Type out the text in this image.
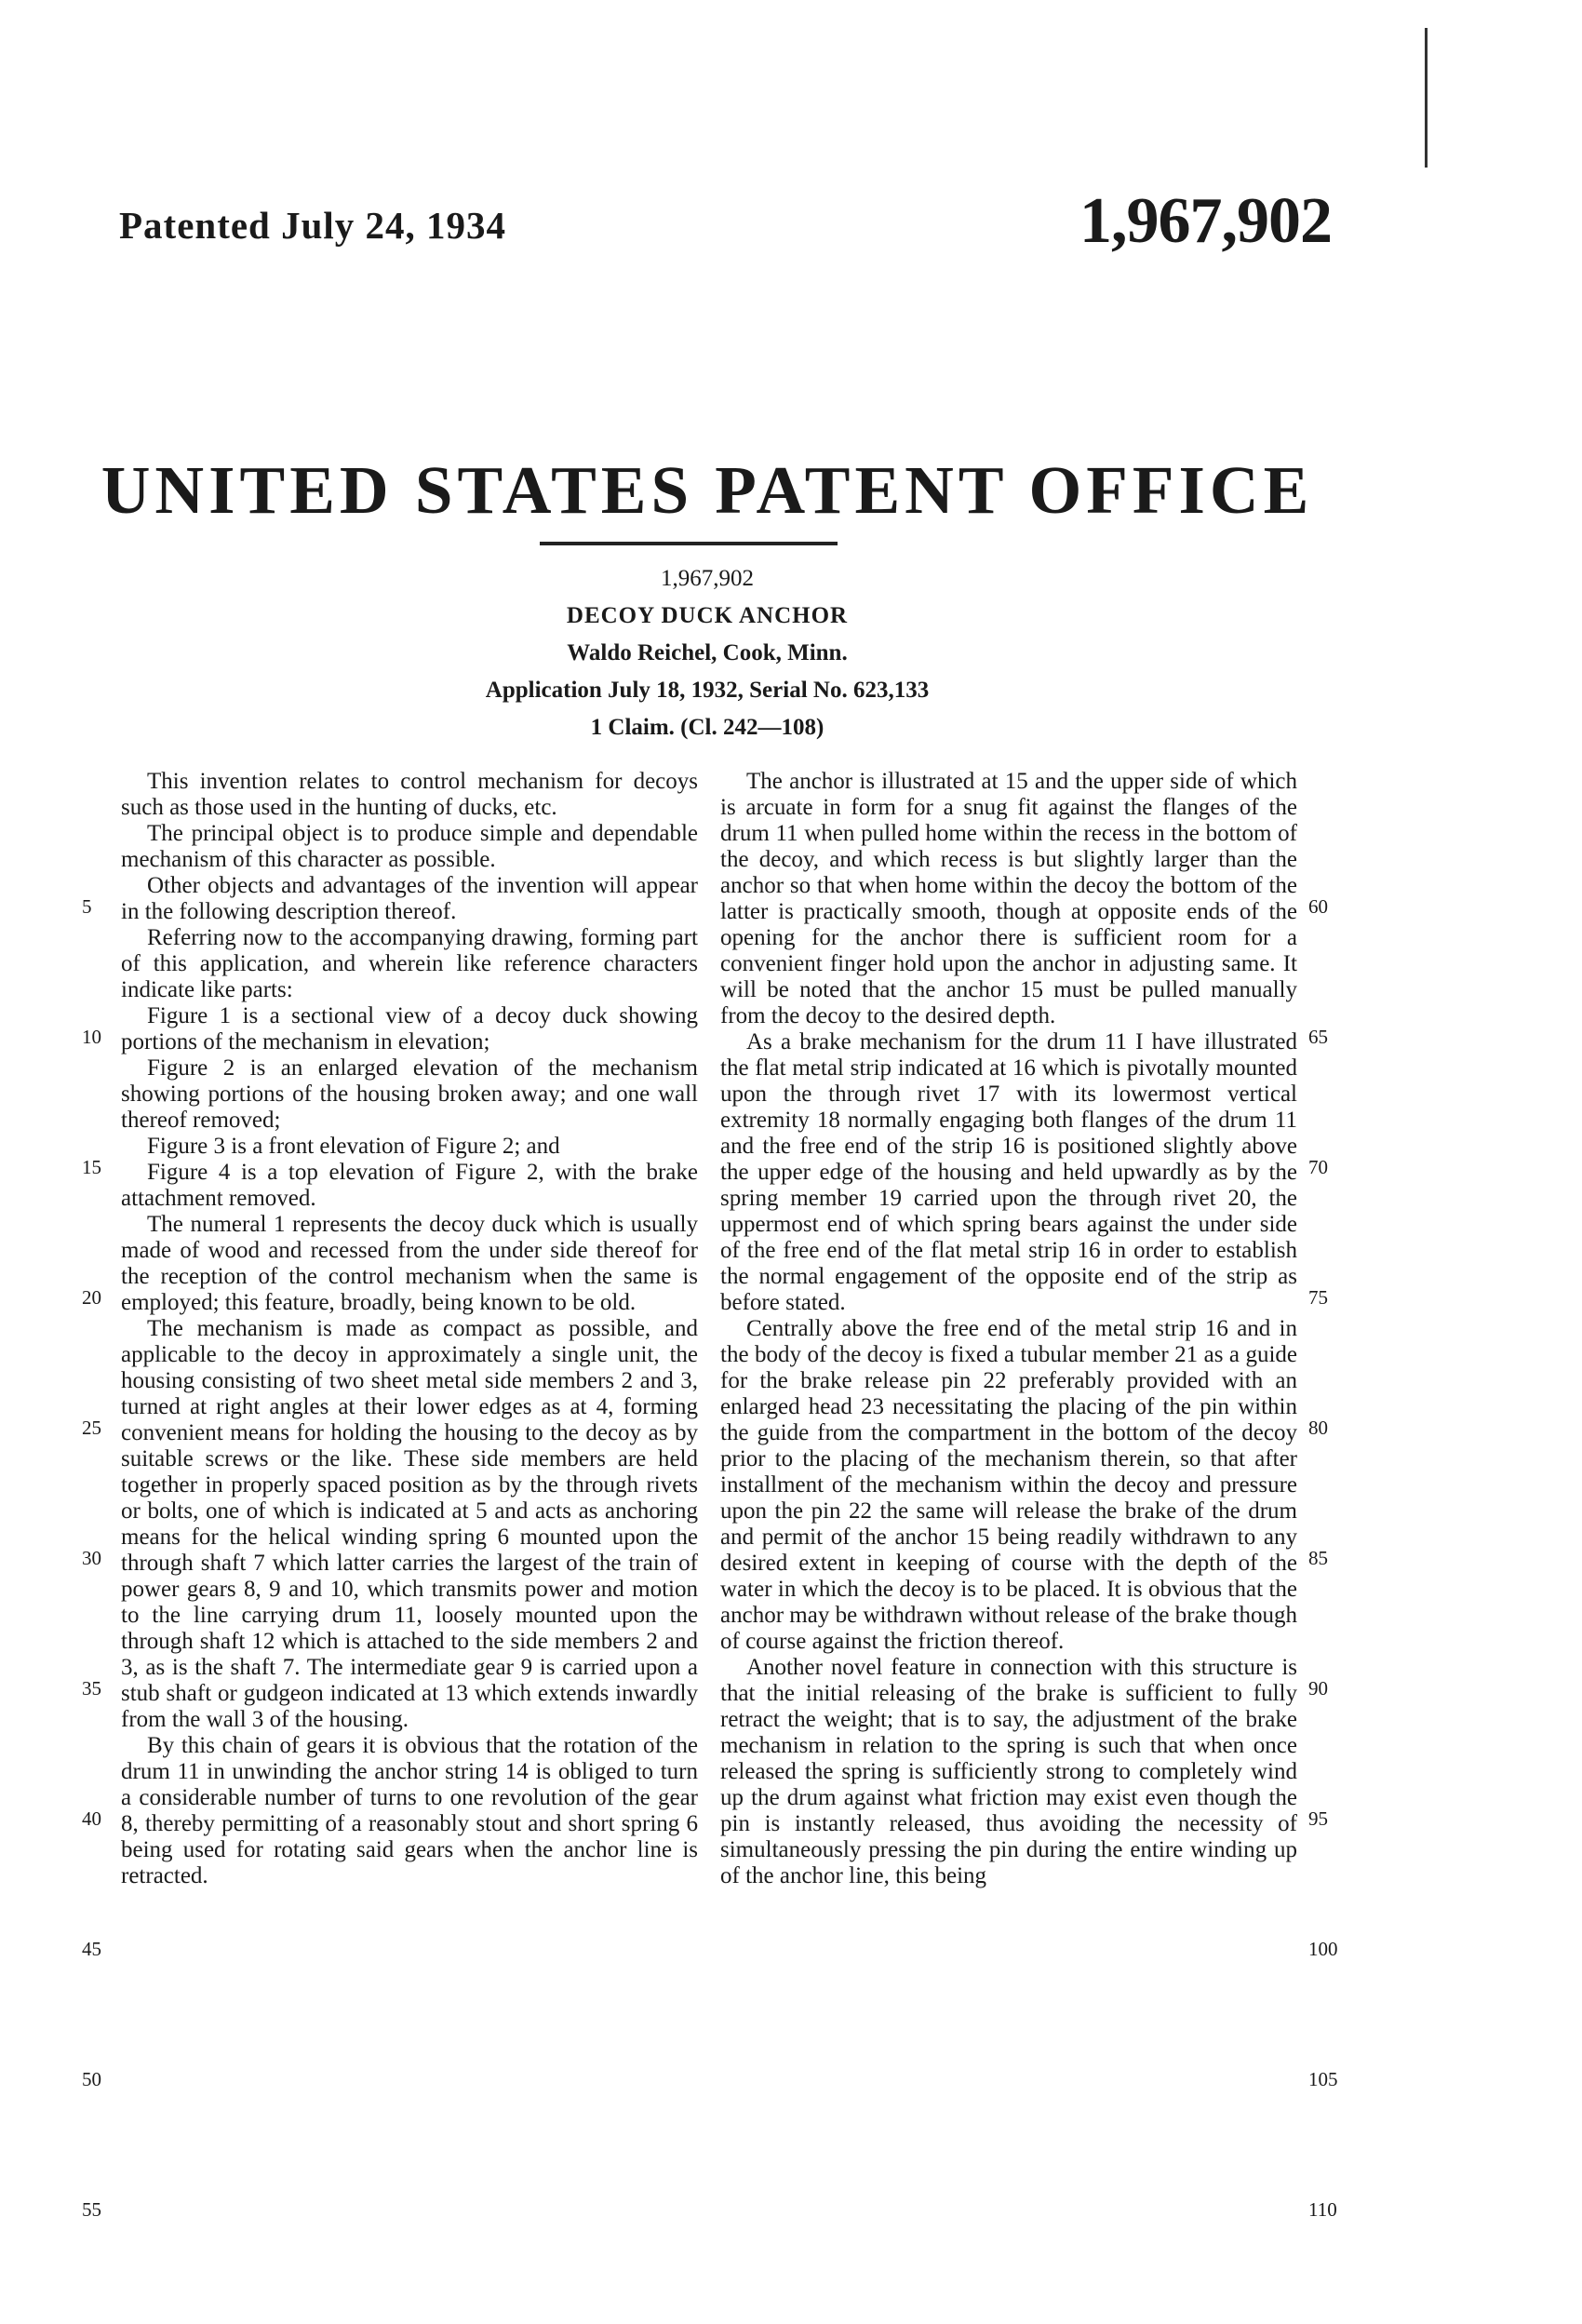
Patented July 24, 1934	1,967,902
UNITED STATES PATENT OFFICE
1,967,902
DECOY DUCK ANCHOR
Waldo Reichel, Cook, Minn.
Application July 18, 1932, Serial No. 623,133
1 Claim. (Cl. 242—108)

This invention relates to control mechanism for decoys such as those used in the hunting of ducks, etc.

The principal object is to produce simple and dependable mechanism of this character as possible.

Other objects and advantages of the invention will appear in the following description thereof.

Referring now to the accompanying drawing, forming part of this application, and wherein like reference characters indicate like parts:

Figure 1 is a sectional view of a decoy duck showing portions of the mechanism in elevation;

Figure 2 is an enlarged elevation of the mechanism showing portions of the housing broken away; and one wall thereof removed;

Figure 3 is a front elevation of Figure 2; and

Figure 4 is a top elevation of Figure 2, with the brake attachment removed.

The numeral 1 represents the decoy duck which is usually made of wood and recessed from the under side thereof for the reception of the control mechanism when the same is employed; this feature, broadly, being known to be old.

The mechanism is made as compact as possible, and applicable to the decoy in approximately a single unit, the housing consisting of two sheet metal side members 2 and 3, turned at right angles at their lower edges as at 4, forming convenient means for holding the housing to the decoy as by suitable screws or the like. These side members are held together in properly spaced position as by the through rivets or bolts, one of which is indicated at 5 and acts as anchoring means for the helical winding spring 6 mounted upon the through shaft 7 which latter carries the largest of the train of power gears 8, 9 and 10, which transmits power and motion to the line carrying drum 11, loosely mounted upon the through shaft 12 which is attached to the side members 2 and 3, as is the shaft 7. The intermediate gear 9 is carried upon a stub shaft or gudgeon indicated at 13 which extends inwardly from the wall 3 of the housing.

By this chain of gears it is obvious that the rotation of the drum 11 in unwinding the anchor string 14 is obliged to turn a considerable number of turns to one revolution of the gear 8, thereby permitting of a reasonably stout and short spring 6 being used for rotating said gears when the anchor line is retracted.

The anchor is illustrated at 15 and the upper side of which is arcuate in form for a snug fit against the flanges of the drum 11 when pulled home within the recess in the bottom of the decoy, and which recess is but slightly larger than the anchor so that when home within the decoy the bottom of the latter is practically smooth, though at opposite ends of the opening for the anchor there is sufficient room for a convenient finger hold upon the anchor in adjusting same. It will be noted that the anchor 15 must be pulled manually from the decoy to the desired depth.

As a brake mechanism for the drum 11 I have illustrated the flat metal strip indicated at 16 which is pivotally mounted upon the through rivet 17 with its lowermost vertical extremity 18 normally engaging both flanges of the drum 11 and the free end of the strip 16 is positioned slightly above the upper edge of the housing and held upwardly as by the spring member 19 carried upon the through rivet 20, the uppermost end of which spring bears against the under side of the free end of the flat metal strip 16 in order to establish the normal engagement of the opposite end of the strip as before stated.

Centrally above the free end of the metal strip 16 and in the body of the decoy is fixed a tubular member 21 as a guide for the brake release pin 22 preferably provided with an enlarged head 23 necessitating the placing of the pin within the guide from the compartment in the bottom of the decoy prior to the placing of the mechanism therein, so that after installment of the mechanism within the decoy and pressure upon the pin 22 the same will release the brake of the drum and permit of the anchor 15 being readily withdrawn to any desired extent in keeping of course with the depth of the water in which the decoy is to be placed. It is obvious that the anchor may be withdrawn without release of the brake though of course against the friction thereof.

Another novel feature in connection with this structure is that the initial releasing of the brake is sufficient to fully retract the weight; that is to say, the adjustment of the brake mechanism in relation to the spring is such that when once released the spring is sufficiently strong to completely wind up the drum against what friction may exist even though the pin is instantly released, thus avoiding the necessity of simultaneously pressing the pin during the entire winding up of the anchor line, this being

5
10
15
20
25
30
35
40
45
50
55
60
65
70
75
80
85
90
95
100
105
110
